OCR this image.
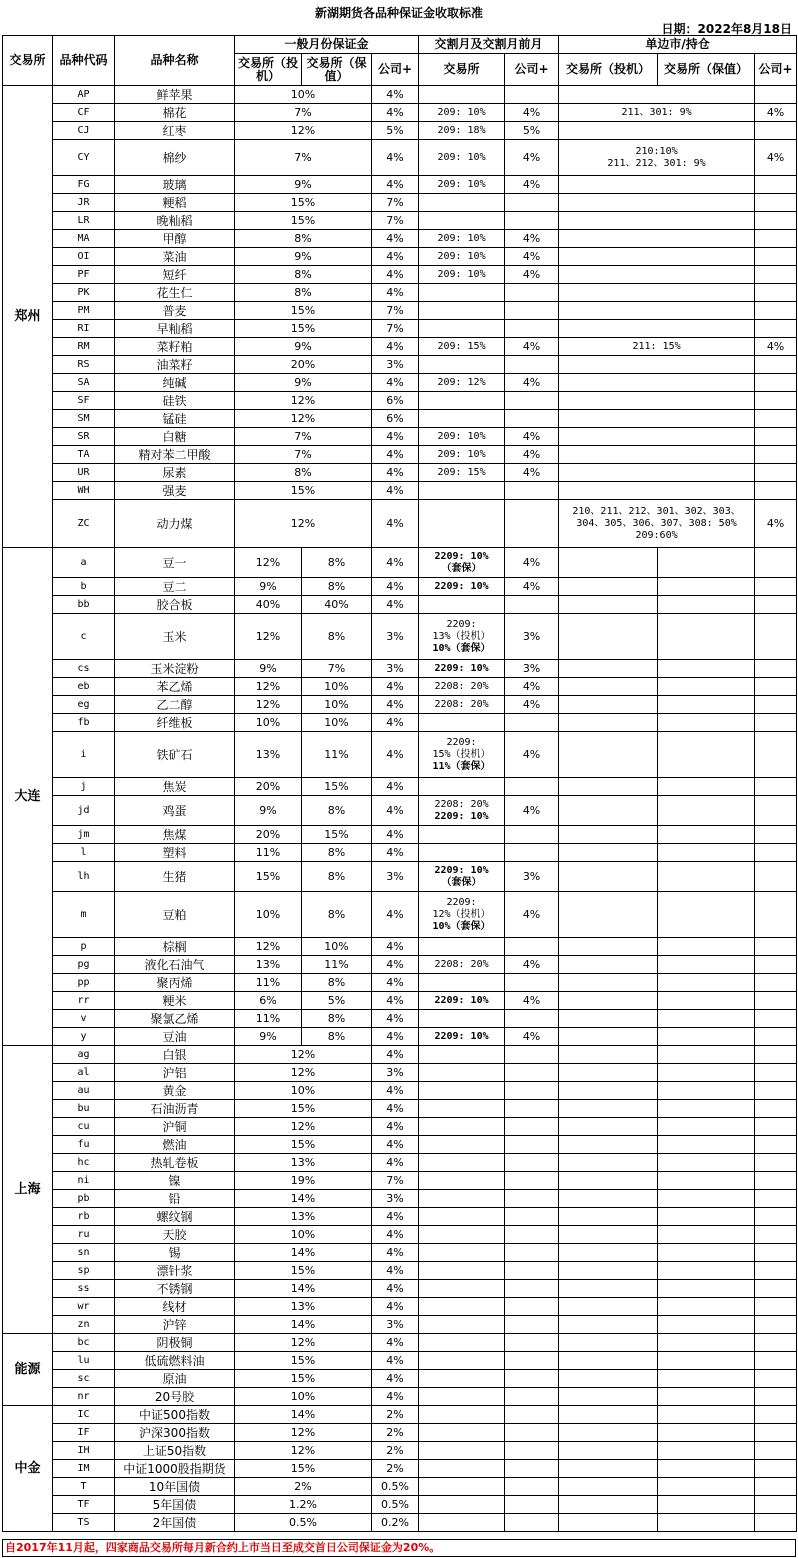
新湖期货各品种保证金收取标准
日期：2022年8月18日
交易所	品种代码	品种名称	一般月份保证金			交割月及交割月前月		单边市/持仓		
			交易所（投机）	交易所（保值）	公司+	交易所	公司+	交易所（投机）	交易所（保值）	公司+
郑州	AP	鲜苹果	10%		4%					
	CF	棉花	7%		4%	209: 10%	4%	211、301: 9%		4%
	CJ	红枣	12%		5%	209: 18%	5%			
	CY	棉纱	7%		4%	209: 10%	4%	210:10%
211、212、301: 9%		4%
	FG	玻璃	9%		4%	209: 10%	4%			
	JR	粳稻	15%		7%					
	LR	晚籼稻	15%		7%					
	MA	甲醇	8%		4%	209: 10%	4%			
	OI	菜油	9%		4%	209: 10%	4%			
	PF	短纤	8%		4%	209: 10%	4%			
	PK	花生仁	8%		4%					
	PM	普麦	15%		7%					
	RI	早籼稻	15%		7%					
	RM	菜籽粕	9%		4%	209: 15%	4%	211: 15%		4%
	RS	油菜籽	20%		3%					
	SA	纯碱	9%		4%	209: 12%	4%			
	SF	硅铁	12%		6%					
	SM	锰硅	12%		6%					
	SR	白糖	7%		4%	209: 10%	4%			
	TA	精对苯二甲酸	7%		4%	209: 10%	4%			
	UR	尿素	8%		4%	209: 15%	4%			
	WH	强麦	15%		4%					
	ZC	动力煤	12%		4%			210、211、212、301、302、303、
304、305、306、307、308: 50%
209:60%		4%
大连	a	豆一	12%	8%	4%	2209: 10%
（套保）	4%			
	b	豆二	9%	8%	4%	2209: 10%	4%			
	bb	胶合板	40%	40%	4%					
	c	玉米	12%	8%	3%	2209:
13%（投机）
10%（套保）	3%			
	cs	玉米淀粉	9%	7%	3%	2209: 10%	3%			
	eb	苯乙烯	12%	10%	4%	2208: 20%	4%			
	eg	乙二醇	12%	10%	4%	2208: 20%	4%			
	fb	纤维板	10%	10%	4%					
	i	铁矿石	13%	11%	4%	2209:
15%（投机）
11%（套保）	4%			
	j	焦炭	20%	15%	4%					
	jd	鸡蛋	9%	8%	4%	2208: 20%
2209: 10%	4%			
	jm	焦煤	20%	15%	4%					
	l	塑料	11%	8%	4%					
	lh	生猪	15%	8%	3%	2209: 10%
（套保）	3%			
	m	豆粕	10%	8%	4%	2209:
12%（投机）
10%（套保）	4%			
	p	棕榈	12%	10%	4%					
	pg	液化石油气	13%	11%	4%	2208: 20%	4%			
	pp	聚丙烯	11%	8%	4%					
	rr	粳米	6%	5%	4%	2209: 10%	4%			
	v	聚氯乙烯	11%	8%	4%					
	y	豆油	9%	8%	4%	2209: 10%	4%			
上海	ag	白银	12%		4%					
	al	沪铝	12%		3%					
	au	黄金	10%		4%					
	bu	石油沥青	15%		4%					
	cu	沪铜	12%		4%					
	fu	燃油	15%		4%					
	hc	热轧卷板	13%		4%					
	ni	镍	19%		7%					
	pb	铅	14%		3%					
	rb	螺纹钢	13%		4%					
	ru	天胶	10%		4%					
	sn	锡	14%		4%					
	sp	漂针浆	15%		4%					
	ss	不锈钢	14%		4%					
	wr	线材	13%		4%					
	zn	沪锌	14%		3%					
能源	bc	阴极铜	12%		4%					
	lu	低硫燃料油	15%		4%					
	sc	原油	15%		4%					
	nr	20号胶	10%		4%					
中金	IC	中证500指数	14%		2%					
	IF	沪深300指数	12%		2%					
	IH	上证50指数	12%		2%					
	IM	中证1000股指期货	15%		2%					
	T	10年国债	2%		0.5%					
	TF	5年国债	1.2%		0.5%					
	TS	2年国债	0.5%		0.2%					
自2017年11月起，四家商品交易所每月新合约上市当日至成交首日公司保证金为20%。
